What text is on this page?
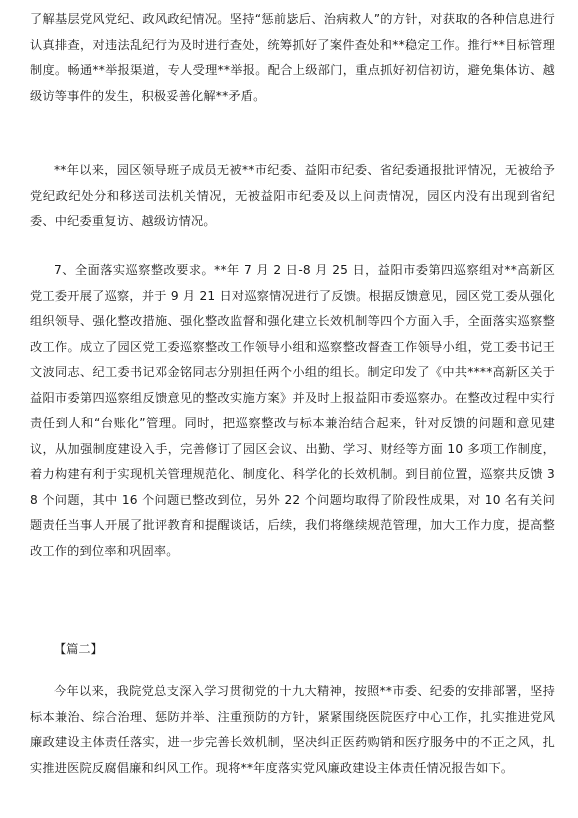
了解基层党风党纪、政风政纪情况。坚持“惩前毖后、治病救人”的方针，对获取的各种信息进行认真排查，对违法乱纪行为及时进行查处，统筹抓好了案件查处和**稳定工作。推行**目标管理制度。畅通**举报渠道，专人受理**举报。配合上级部门，重点抓好初信初访，避免集体访、越级访等事件的发生，积极妥善化解**矛盾。

**年以来，园区领导班子成员无被**市纪委、益阳市纪委、省纪委通报批评情况，无被给予党纪政纪处分和移送司法机关情况，无被益阳市纪委及以上问责情况，园区内没有出现到省纪委、中纪委重复访、越级访情况。

7、全面落实巡察整改要求。**年 7 月 2 日-8 月 25 日，益阳市委第四巡察组对**高新区党工委开展了巡察，并于 9 月 21 日对巡察情况进行了反馈。根据反馈意见，园区党工委从强化组织领导、强化整改措施、强化整改监督和强化建立长效机制等四个方面入手，全面落实巡察整改工作。成立了园区党工委巡察整改工作领导小组和巡察整改督查工作领导小组，党工委书记王文波同志、纪工委书记邓金铭同志分别担任两个小组的组长。制定印发了《中共****高新区关于益阳市委第四巡察组反馈意见的整改实施方案》并及时上报益阳市委巡察办。在整改过程中实行责任到人和“台账化”管理。同时，把巡察整改与标本兼治结合起来，针对反馈的问题和意见建议，从加强制度建设入手，完善修订了园区会议、出勤、学习、财经等方面 10 多项工作制度，着力构建有利于实现机关管理规范化、制度化、科学化的长效机制。到目前位置，巡察共反馈 38 个问题，其中 16 个问题已整改到位，另外 22 个问题均取得了阶段性成果，对 10 名有关问题责任当事人开展了批评教育和提醒谈话，后续，我们将继续规范管理，加大工作力度，提高整改工作的到位率和巩固率。

【篇二】

今年以来，我院党总支深入学习贯彻党的十九大精神，按照**市委、纪委的安排部署，坚持标本兼治、综合治理、惩防并举、注重预防的方针，紧紧围绕医院医疗中心工作，扎实推进党风廉政建设主体责任落实，进一步完善长效机制，坚决纠正医药购销和医疗服务中的不正之风，扎实推进医院反腐倡廉和纠风工作。现将**年度落实党风廉政建设主体责任情况报告如下。
